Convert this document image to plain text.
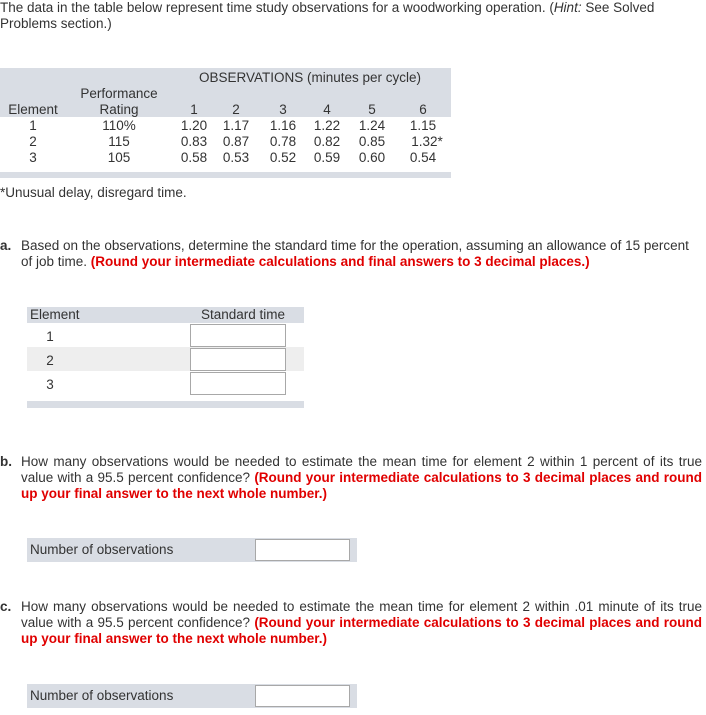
The data in the table below represent time study observations for a woodworking operation. (Hint: See Solved Problems section.)
OBSERVATIONS (minutes per cycle)
Performance
Element	Rating	1	2	3	4	5	6
1	110%	1.20	1.17	1.16	1.22	1.24	1.15
2	115	0.83	0.87	0.78	0.82	0.85	1.32*
3	105	0.58	0.53	0.52	0.59	0.60	0.54
*Unusual delay, disregard time.
a. Based on the observations, determine the standard time for the operation, assuming an allowance of 15 percent of job time. (Round your intermediate calculations and final answers to 3 decimal places.)
Element	Standard time
1
2
3
b. How many observations would be needed to estimate the mean time for element 2 within 1 percent of its true value with a 95.5 percent confidence? (Round your intermediate calculations to 3 decimal places and round up your final answer to the next whole number.)
Number of observations
c. How many observations would be needed to estimate the mean time for element 2 within .01 minute of its true value with a 95.5 percent confidence? (Round your intermediate calculations to 3 decimal places and round up your final answer to the next whole number.)
Number of observations
